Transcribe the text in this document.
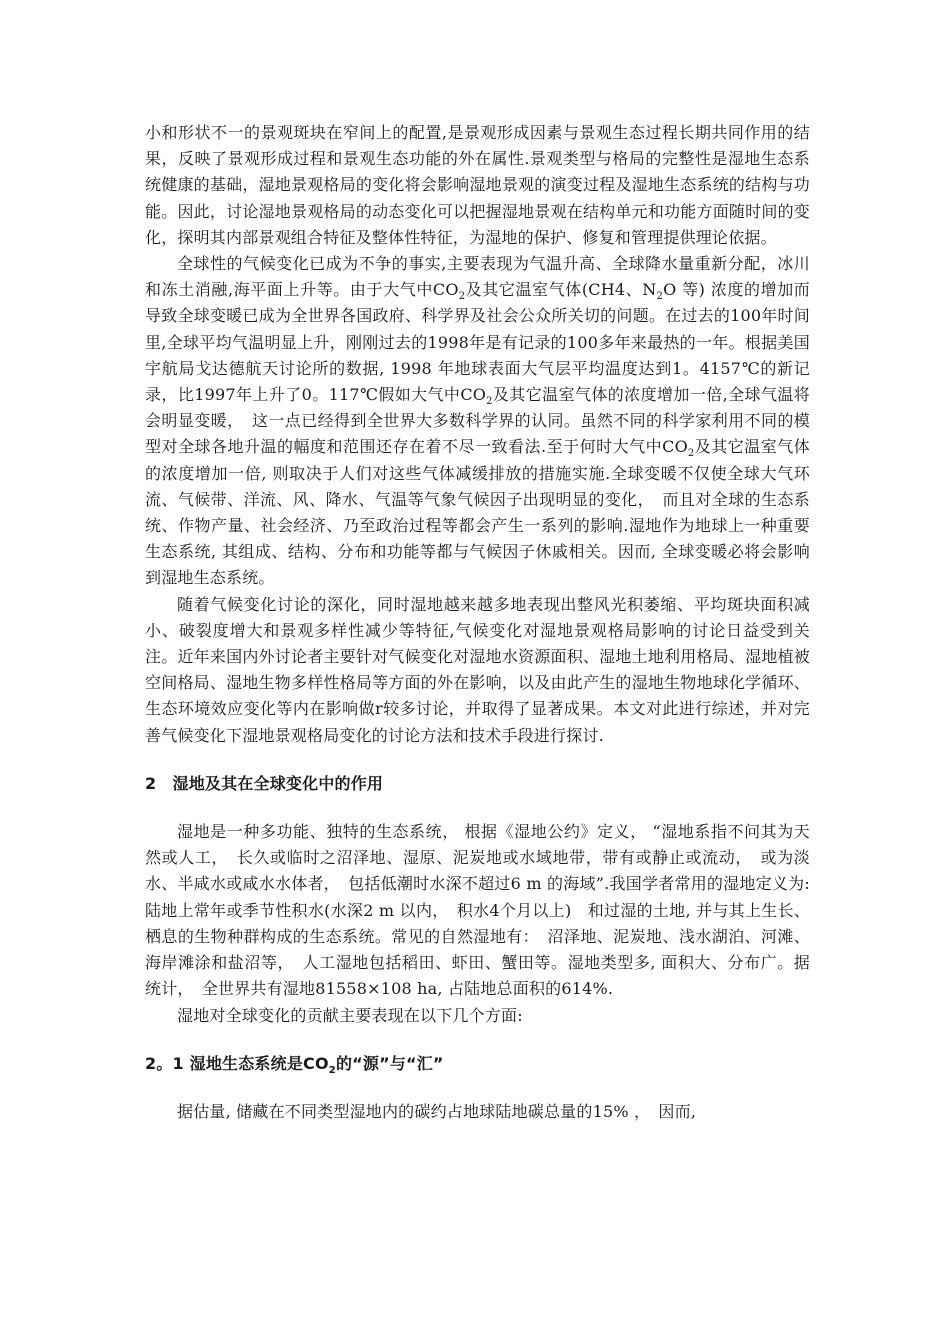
小和形状不一的景观斑块在窄间上的配置,是景观形成因素与景观生态过程长期共同作用的结果，反映了景观形成过程和景观生态功能的外在属性.景观类型与格局的完整性是湿地生态系统健康的基础，湿地景观格局的变化将会影响湿地景观的演变过程及湿地生态系统的结构与功能。因此，讨论湿地景观格局的动态变化可以把握湿地景观在结构单元和功能方面随时间的变化，探明其内部景观组合特征及整体性特征，为湿地的保护、修复和管理提供理论依据。

全球性的气候变化已成为不争的事实,主要表现为气温升高、全球降水量重新分配，冰川和冻土消融,海平面上升等。由于大气中$CO_2$及其它温室气体(CH4、$N_2O$ 等) 浓度的增加而导致全球变暖已成为全世界各国政府、科学界及社会公众所关切的问题。在过去的100年时间里,全球平均气温明显上升，刚刚过去的1998年是有记录的100多年来最热的一年。根据美国宇航局戈达德航天讨论所的数据, 1998 年地球表面大气层平均温度达到1。4157℃的新记录，比1997年上升了0。117℃假如大气中$CO_2$及其它温室气体的浓度增加一倍,全球气温将会明显变暖，　这一点已经得到全世界大多数科学界的认同。虽然不同的科学家利用不同的模型对全球各地升温的幅度和范围还存在着不尽一致看法.至于何时大气中$CO_2$及其它温室气体的浓度增加一倍, 则取决于人们对这些气体减缓排放的措施实施.全球变暖不仅使全球大气环流、气候带、洋流、风、降水、气温等气象气候因子出现明显的变化，　而且对全球的生态系统、作物产量、社会经济、乃至政治过程等都会产生一系列的影响.湿地作为地球上一种重要生态系统, 其组成、结构、分布和功能等都与气候因子休戚相关。因而, 全球变暖必将会影响到湿地生态系统。

随着气候变化讨论的深化，同时湿地越来越多地表现出整风光积萎缩、平均斑块面积减小、破裂度增大和景观多样性减少等特征,气候变化对湿地景观格局影响的讨论日益受到关注。近年来国内外讨论者主要针对气候变化对湿地水资源面积、湿地土地利用格局、湿地植被空间格局、湿地生物多样性格局等方面的外在影响，以及由此产生的湿地生物地球化学循环、生态环境效应变化等内在影响做r较多讨论，并取得了显著成果。本文对此进行综述，并对完善气候变化下湿地景观格局变化的讨论方法和技术手段进行探讨.

2　湿地及其在全球变化中的作用

湿地是一种多功能、独特的生态系统， 根据《湿地公约》定义， “湿地系指不问其为天然或人工，　长久或临时之沼泽地、湿原、泥炭地或水域地带，带有或静止或流动，　或为淡水、半咸水或咸水水体者，　包括低潮时水深不超过6 m 的海域”.我国学者常用的湿地定义为: 陆地上常年或季节性积水(水深2 m 以内，　积水4个月以上)　和过湿的土地, 并与其上生长、栖息的生物种群构成的生态系统。常见的自然湿地有：　沼泽地、泥炭地、浅水湖泊、河滩、海岸滩涂和盐沼等，　人工湿地包括稻田、虾田、蟹田等。湿地类型多, 面积大、分布广。据统计，　全世界共有湿地81558×108 ha, 占陆地总面积的614%.

湿地对全球变化的贡献主要表现在以下几个方面:

2。1 湿地生态系统是$CO_2$的“源”与“汇”

据估量, 储藏在不同类型湿地内的碳约占地球陆地碳总量的15% ，　因而,
